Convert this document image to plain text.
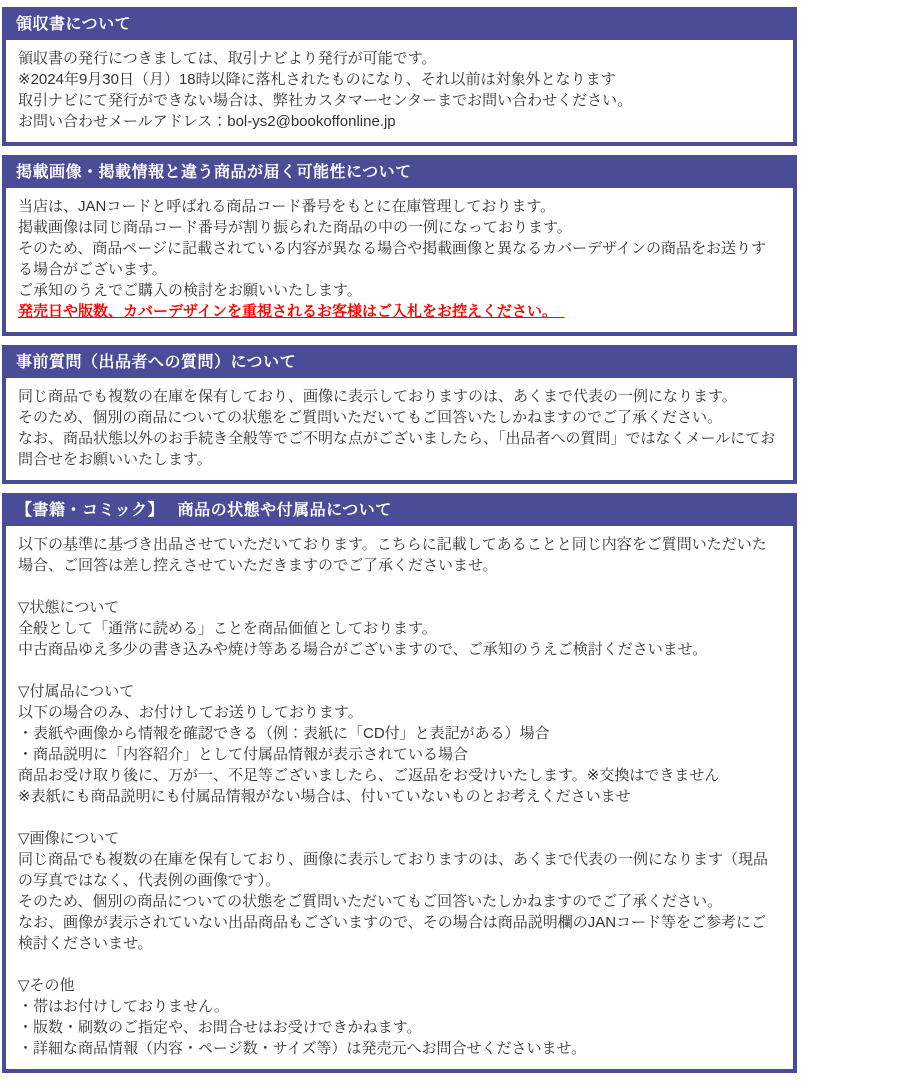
領収書について
領収書の発行につきましては、取引ナビより発行が可能です。
※2024年9月30日（月）18時以降に落札されたものになり、それ以前は対象外となります
取引ナビにて発行ができない場合は、弊社カスタマーセンターまでお問い合わせください。
お問い合わせメールアドレス：bol-ys2@bookoffonline.jp
掲載画像・掲載情報と違う商品が届く可能性について
当店は、JANコードと呼ばれる商品コード番号をもとに在庫管理しております。
掲載画像は同じ商品コード番号が割り振られた商品の中の一例になっております。
そのため、商品ページに記載されている内容が異なる場合や掲載画像と異なるカバーデザインの商品をお送りする場合がございます。
ご承知のうえでご購入の検討をお願いいたします。
発売日や版数、カバーデザインを重視されるお客様はご入札をお控えください。
事前質問（出品者への質問）について
同じ商品でも複数の在庫を保有しており、画像に表示しておりますのは、あくまで代表の一例になります。
そのため、個別の商品についての状態をご質問いただいてもご回答いたしかねますのでご了承ください。
なお、商品状態以外のお手続き全般等でご不明な点がございましたら、「出品者への質問」ではなくメールにてお問合せをお願いいたします。
【書籍・コミック】　 商品の状態や付属品について
以下の基準に基づき出品させていただいております。こちらに記載してあることと同じ内容をご質問いただいた場合、ご回答は差し控えさせていただきますのでご了承くださいませ。

▽状態について
全般として「通常に読める」ことを商品価値としております。
中古商品ゆえ多少の書き込みや焼け等ある場合がございますので、ご承知のうえご検討くださいませ。

▽付属品について
以下の場合のみ、お付けしてお送りしております。
・表紙や画像から情報を確認できる（例：表紙に「CD付」と表記がある）場合
・商品説明に「内容紹介」として付属品情報が表示されている場合
商品お受け取り後に、万が一、不足等ございましたら、ご返品をお受けいたします。※交換はできません
※表紙にも商品説明にも付属品情報がない場合は、付いていないものとお考えくださいませ

▽画像について
同じ商品でも複数の在庫を保有しており、画像に表示しておりますのは、あくまで代表の一例になります（現品の写真ではなく、代表例の画像です）。
そのため、個別の商品についての状態をご質問いただいてもご回答いたしかねますのでご了承ください。
なお、画像が表示されていない出品商品もございますので、その場合は商品説明欄のJANコード等をご参考にご検討くださいませ。

▽その他
・帯はお付けしておりません。
・版数・刷数のご指定や、お問合せはお受けできかねます。
・詳細な商品情報（内容・ページ数・サイズ等）は発売元へお問合せくださいませ。
